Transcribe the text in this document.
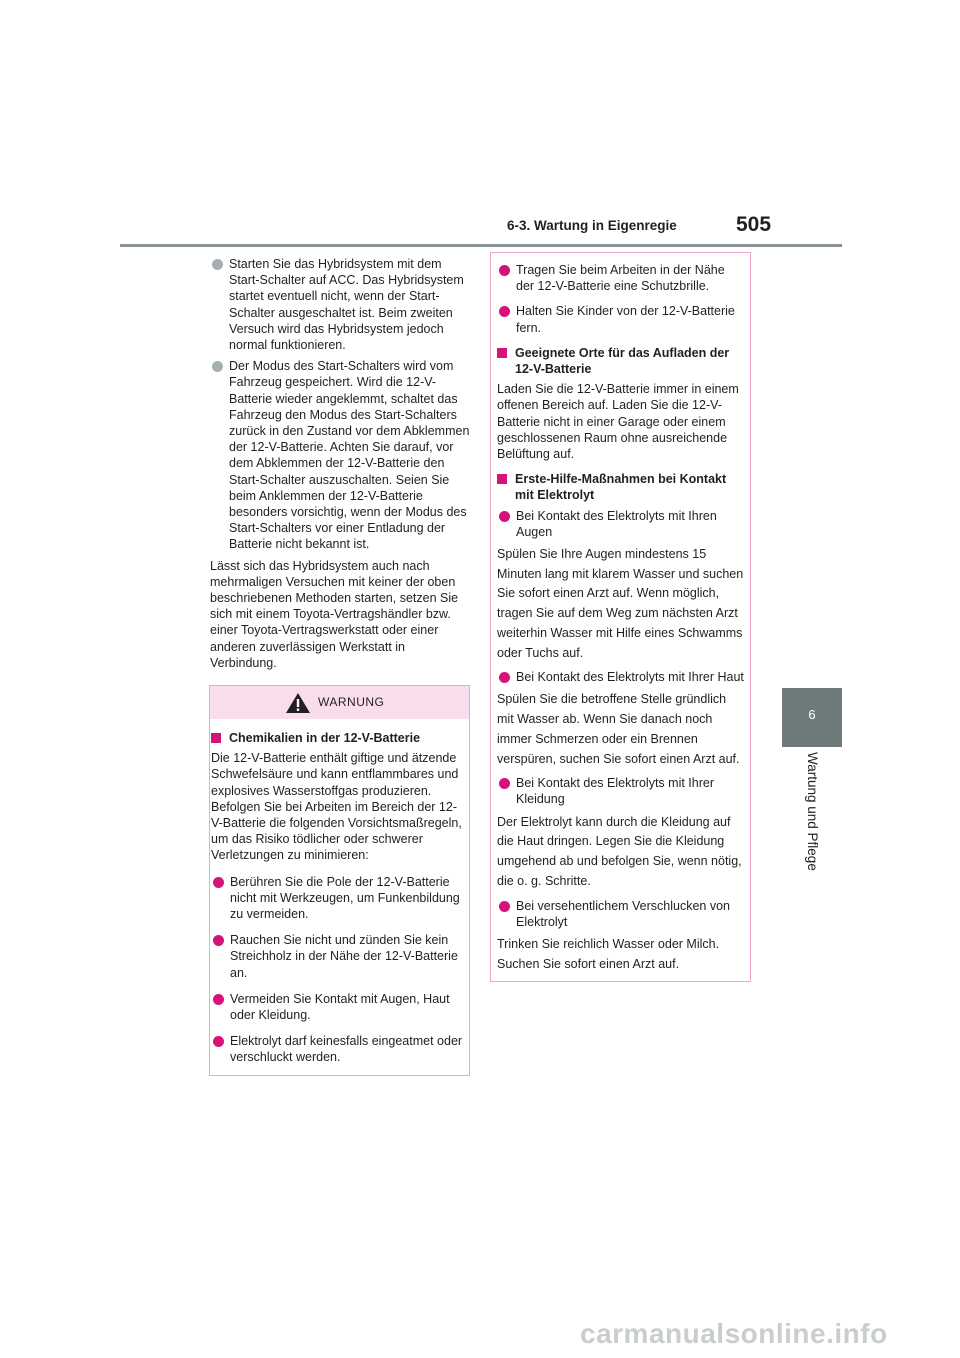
6-3. Wartung in Eigenregie	505
6
Wartung und Pflege
Starten Sie das Hybridsystem mit dem Start-Schalter auf ACC. Das Hybridsystem startet eventuell nicht, wenn der Start-Schalter ausgeschaltet ist. Beim zweiten Versuch wird das Hybridsystem jedoch normal funktionieren.
Der Modus des Start-Schalters wird vom Fahrzeug gespeichert. Wird die 12-V-Batterie wieder angeklemmt, schaltet das Fahrzeug den Modus des Start-Schalters zurück in den Zustand vor dem Abklemmen der 12-V-Batterie. Achten Sie darauf, vor dem Abklemmen der 12-V-Batterie den Start-Schalter auszuschalten. Seien Sie beim Anklemmen der 12-V-Batterie besonders vorsichtig, wenn der Modus des Start-Schalters vor einer Entladung der Batterie nicht bekannt ist.
Lässt sich das Hybridsystem auch nach mehrmaligen Versuchen mit keiner der oben beschriebenen Methoden starten, setzen Sie sich mit einem Toyota-Vertragshändler bzw. einer Toyota-Vertragswerkstatt oder einer anderen zuverlässigen Werkstatt in Verbindung.
WARNUNG
Chemikalien in der 12-V-Batterie
Die 12-V-Batterie enthält giftige und ätzende Schwefelsäure und kann entflammbares und explosives Wasserstoffgas produzieren. Befolgen Sie bei Arbeiten im Bereich der 12-V-Batterie die folgenden Vorsichtsmaßregeln, um das Risiko tödlicher oder schwerer Verletzungen zu minimieren:
Berühren Sie die Pole der 12-V-Batterie nicht mit Werkzeugen, um Funkenbildung zu vermeiden.
Rauchen Sie nicht und zünden Sie kein Streichholz in der Nähe der 12-V-Batterie an.
Vermeiden Sie Kontakt mit Augen, Haut oder Kleidung.
Elektrolyt darf keinesfalls eingeatmet oder verschluckt werden.
Tragen Sie beim Arbeiten in der Nähe der 12-V-Batterie eine Schutzbrille.
Halten Sie Kinder von der 12-V-Batterie fern.
Geeignete Orte für das Aufladen der 12-V-Batterie
Laden Sie die 12-V-Batterie immer in einem offenen Bereich auf. Laden Sie die 12-V-Batterie nicht in einer Garage oder einem geschlossenen Raum ohne ausreichende Belüftung auf.
Erste-Hilfe-Maßnahmen bei Kontakt mit Elektrolyt
Bei Kontakt des Elektrolyts mit Ihren Augen
Spülen Sie Ihre Augen mindestens 15 Minuten lang mit klarem Wasser und suchen Sie sofort einen Arzt auf. Wenn möglich, tragen Sie auf dem Weg zum nächsten Arzt weiterhin Wasser mit Hilfe eines Schwamms oder Tuchs auf.
Bei Kontakt des Elektrolyts mit Ihrer Haut
Spülen Sie die betroffene Stelle gründlich mit Wasser ab. Wenn Sie danach noch immer Schmerzen oder ein Brennen verspüren, suchen Sie sofort einen Arzt auf.
Bei Kontakt des Elektrolyts mit Ihrer Kleidung
Der Elektrolyt kann durch die Kleidung auf die Haut dringen. Legen Sie die Kleidung umgehend ab und befolgen Sie, wenn nötig, die o. g. Schritte.
Bei versehentlichem Verschlucken von Elektrolyt
Trinken Sie reichlich Wasser oder Milch. Suchen Sie sofort einen Arzt auf.
carmanualsonline.info
